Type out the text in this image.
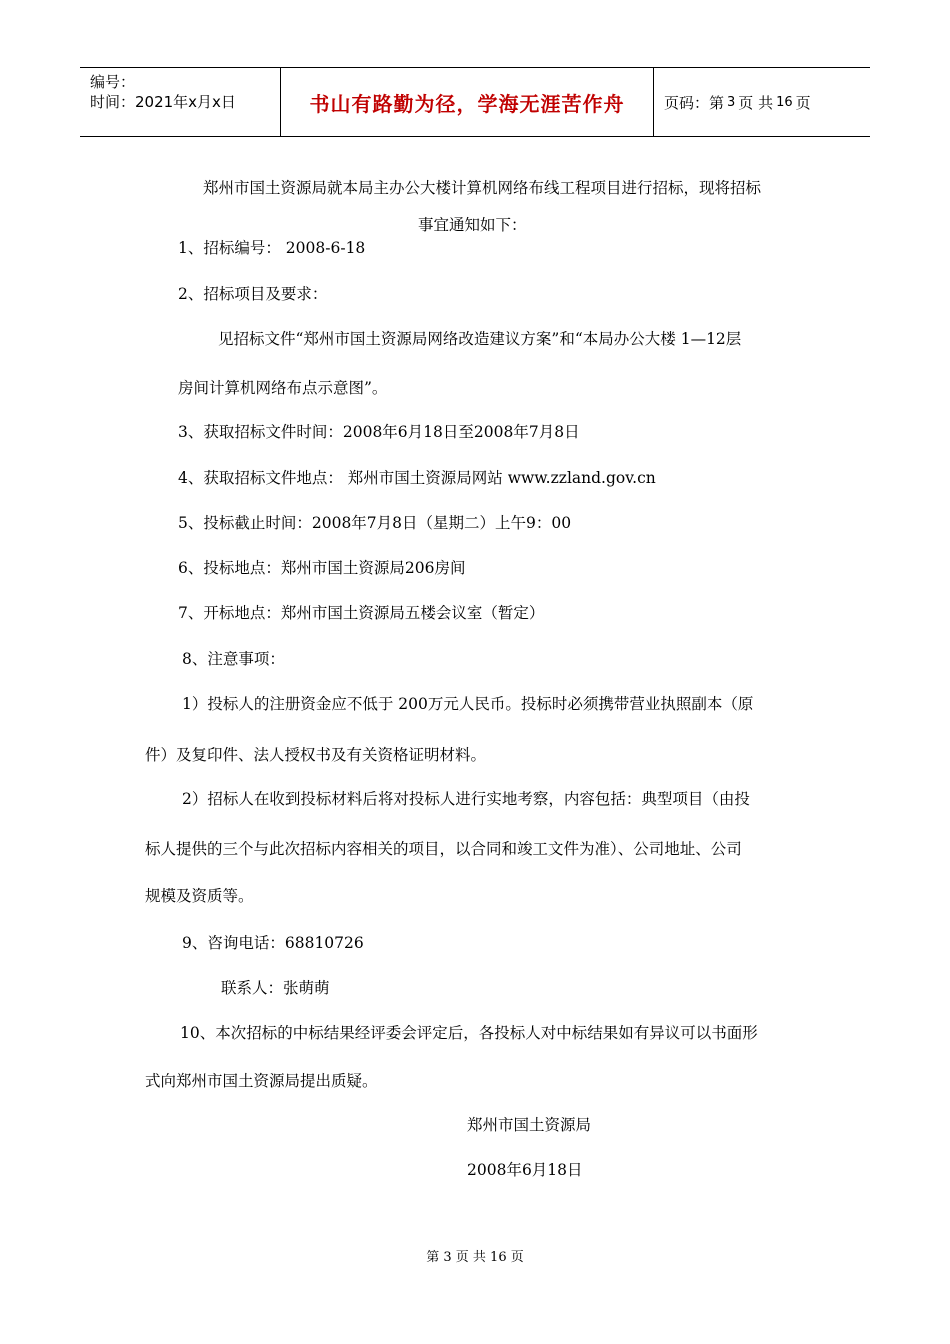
编号：
时间：2021年x月x日	书山有路勤为径，学海无涯苦作舟	页码：第 3 页 共 16 页
郑州市国土资源局就本局主办公大楼计算机网络布线工程项目进行招标，现将招标
事宜通知如下：
1、招标编号： 2008-6-18
2、招标项目及要求：
见招标文件“郑州市国土资源局网络改造建议方案”和“本局办公大楼 1—12层
房间计算机网络布点示意图”。
3、获取招标文件时间：2008年6月18日至2008年7月8日
4、获取招标文件地点： 郑州市国土资源局网站 www.zzland.gov.cn
5、投标截止时间：2008年7月8日（星期二）上午9：00
6、投标地点：郑州市国土资源局206房间
7、开标地点：郑州市国土资源局五楼会议室（暂定）
8、注意事项：
1）投标人的注册资金应不低于 200万元人民币。投标时必须携带营业执照副本（原
件）及复印件、法人授权书及有关资格证明材料。
2）招标人在收到投标材料后将对投标人进行实地考察，内容包括：典型项目（由投
标人提供的三个与此次招标内容相关的项目，以合同和竣工文件为准）、公司地址、公司
规模及资质等。
9、咨询电话：68810726
联系人：张萌萌
10、本次招标的中标结果经评委会评定后，各投标人对中标结果如有异议可以书面形
式向郑州市国土资源局提出质疑。
郑州市国土资源局
2008年6月18日
第 3 页 共 16 页
